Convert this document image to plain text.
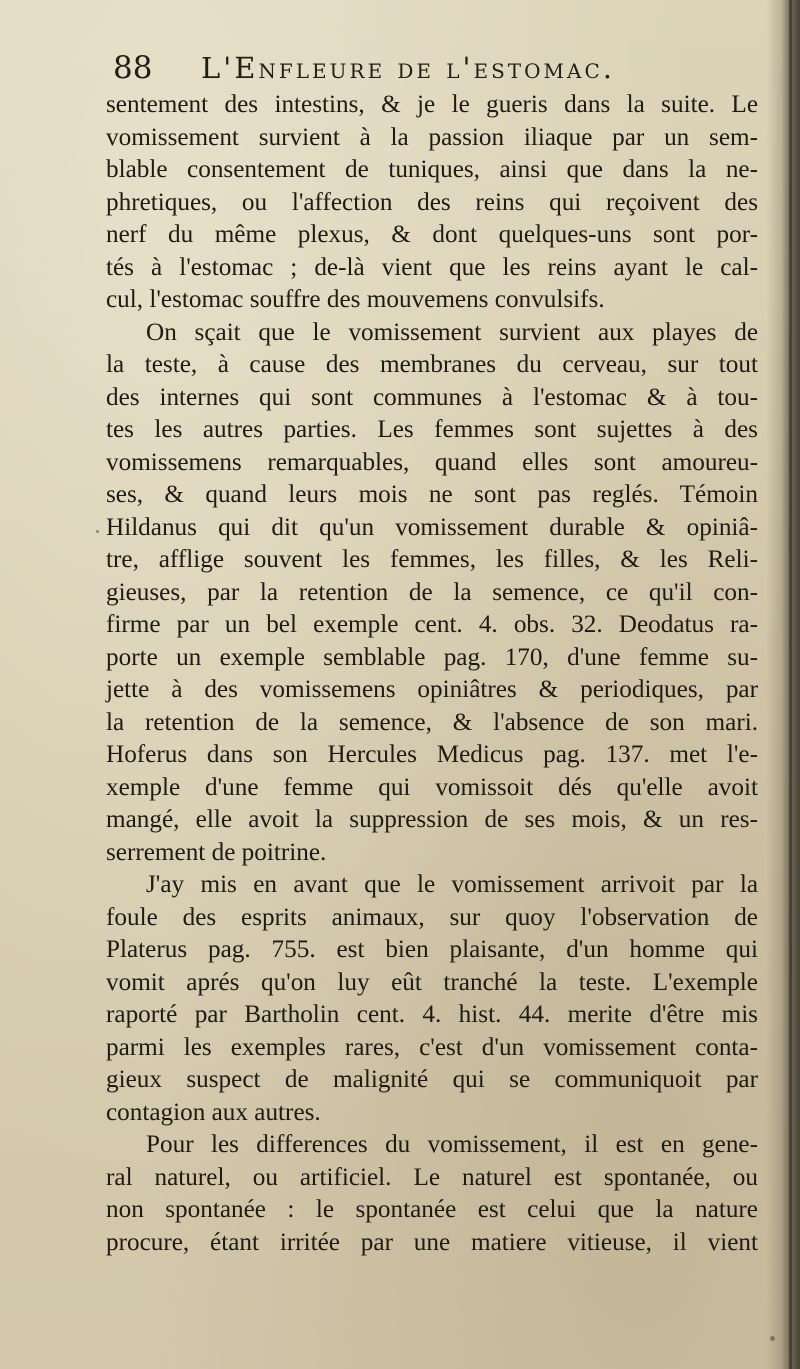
88 L'Enfleure de l'estomac.
sentement des intestins, & je le gueris dans la suite. Le
vomissement survient à la passion iliaque par un sem-
blable consentement de tuniques, ainsi que dans la ne-
phretiques, ou l'affection des reins qui reçoivent des
nerf du même plexus, & dont quelques-uns sont por-
tés à l'estomac ; de-là vient que les reins ayant le cal-
cul, l'estomac souffre des mouvemens convulsifs.
On sçait que le vomissement survient aux playes de
la teste, à cause des membranes du cerveau, sur tout
des internes qui sont communes à l'estomac & à tou-
tes les autres parties. Les femmes sont sujettes à des
vomissemens remarquables, quand elles sont amoureu-
ses, & quand leurs mois ne sont pas reglés. Témoin
Hildanus qui dit qu'un vomissement durable & opiniâ-
tre, afflige souvent les femmes, les filles, & les Reli-
gieuses, par la retention de la semence, ce qu'il con-
firme par un bel exemple cent. 4. obs. 32. Deodatus ra-
porte un exemple semblable pag. 170, d'une femme su-
jette à des vomissemens opiniâtres & periodiques, par
la retention de la semence, & l'absence de son mari.
Hoferus dans son Hercules Medicus pag. 137. met l'e-
xemple d'une femme qui vomissoit dés qu'elle avoit
mangé, elle avoit la suppression de ses mois, & un res-
serrement de poitrine.
J'ay mis en avant que le vomissement arrivoit par la
foule des esprits animaux, sur quoy l'observation de
Platerus pag. 755. est bien plaisante, d'un homme qui
vomit aprés qu'on luy eût tranché la teste. L'exemple
raporté par Bartholin cent. 4. hist. 44. merite d'être mis
parmi les exemples rares, c'est d'un vomissement conta-
gieux suspect de malignité qui se communiquoit par
contagion aux autres.
Pour les differences du vomissement, il est en gene-
ral naturel, ou artificiel. Le naturel est spontanée, ou
non spontanée : le spontanée est celui que la nature
procure, étant irritée par une matiere vitieuse, il vient
